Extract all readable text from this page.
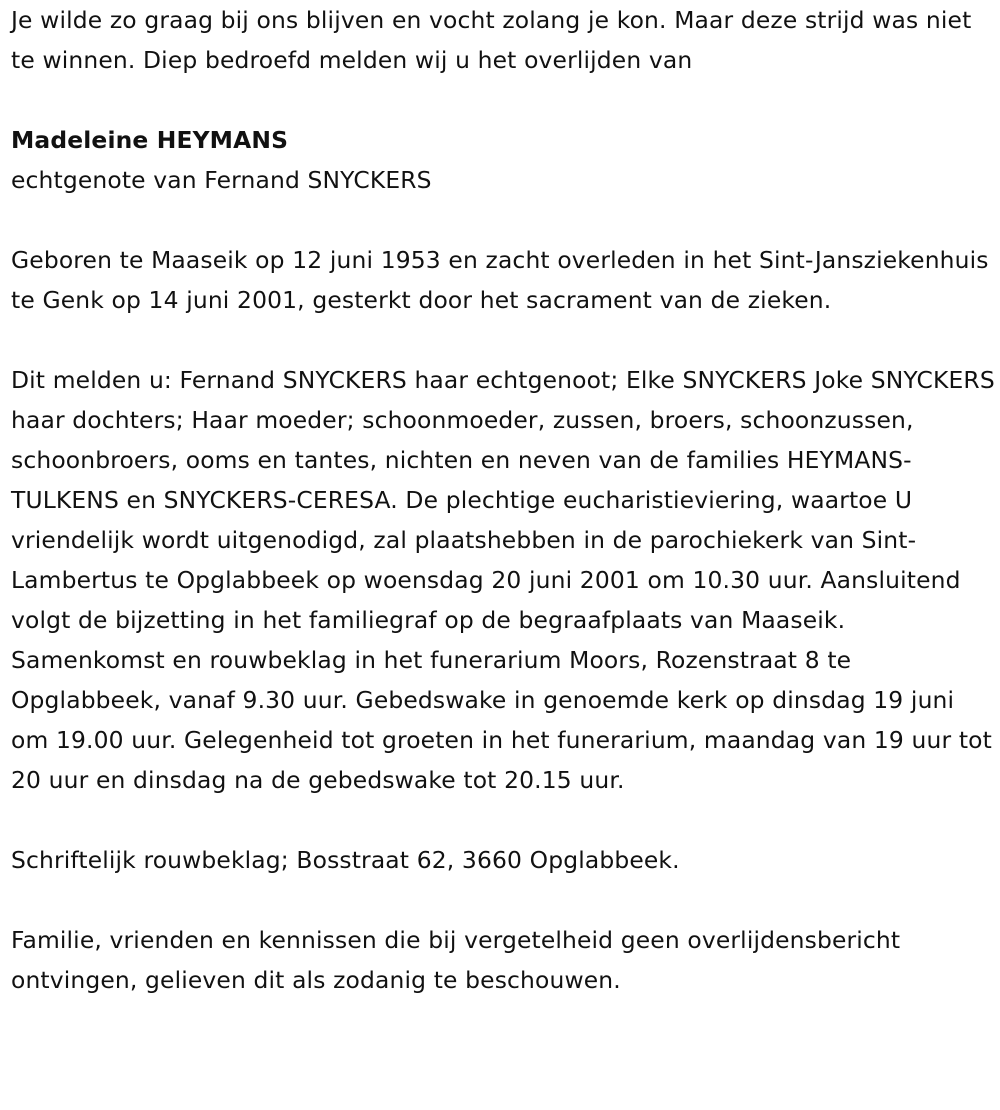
Je wilde zo graag bij ons blijven en vocht zolang je kon. Maar deze strijd was niet te winnen. Diep bedroefd melden wij u het overlijden van

Madeleine HEYMANS

echtgenote van Fernand SNYCKERS

Geboren te Maaseik op 12 juni 1953 en zacht overleden in het Sint-Jansziekenhuis te Genk op 14 juni 2001, gesterkt door het sacrament van de zieken.

Dit melden u: Fernand SNYCKERS haar echtgenoot; Elke SNYCKERS Joke SNYCKERS haar dochters; Haar moeder; schoonmoeder, zussen, broers, schoonzussen, schoonbroers, ooms en tantes, nichten en neven van de families HEYMANS-TULKENS en SNYCKERS-CERESA. De plechtige eucharistieviering, waartoe U vriendelijk wordt uitgenodigd, zal plaatshebben in de parochiekerk van Sint-Lambertus te Opglabbeek op woensdag 20 juni 2001 om 10.30 uur. Aansluitend volgt de bijzetting in het familiegraf op de begraafplaats van Maaseik. Samenkomst en rouwbeklag in het funerarium Moors, Rozenstraat 8 te Opglabbeek, vanaf 9.30 uur. Gebedswake in genoemde kerk op dinsdag 19 juni om 19.00 uur. Gelegenheid tot groeten in het funerarium, maandag van 19 uur tot 20 uur en dinsdag na de gebedswake tot 20.15 uur.

Schriftelijk rouwbeklag; Bosstraat 62, 3660 Opglabbeek.

Familie, vrienden en kennissen die bij vergetelheid geen overlijdensbericht ontvingen, gelieven dit als zodanig te beschouwen.
